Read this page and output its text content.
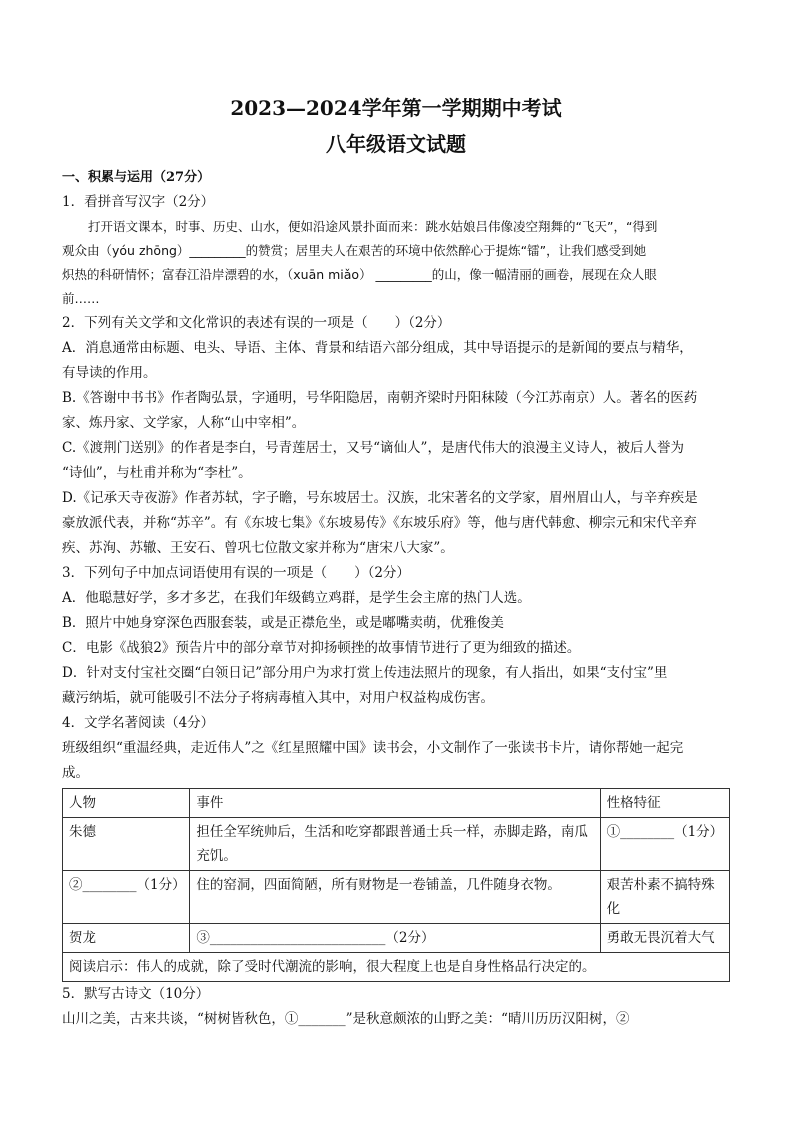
2023—2024学年第一学期期中考试
八年级语文试题
一、积累与运用（27分）
1．看拼音写汉字（2分）
打开语文课本，时事、历史、山水，便如沿途风景扑面而来：跳水姑娘吕伟像凌空翔舞的“飞天”，“得到
观众由（yóu zhōng）_________的赞赏；居里夫人在艰苦的环境中依然醉心于提炼“镭”，让我们感受到她
炽热的科研情怀；富春江沿岸漂碧的水，（xuān miǎo） _________的山，像一幅清丽的画卷，展现在众人眼
前……
2．下列有关文学和文化常识的表述有误的一项是（　　）（2分）
A．消息通常由标题、电头、导语、主体、背景和结语六部分组成，其中导语提示的是新闻的要点与精华，
有导读的作用。
B.《答谢中书书》作者陶弘景，字通明，号华阳隐居，南朝齐梁时丹阳秣陵（今江苏南京）人。著名的医药
家、炼丹家、文学家，人称“山中宰相”。
C.《渡荆门送别》的作者是李白，号青莲居士，又号“谪仙人”，是唐代伟大的浪漫主义诗人，被后人誉为
“诗仙”，与杜甫并称为“李杜”。
D.《记承天寺夜游》作者苏轼，字子瞻，号东坡居士。汉族，北宋著名的文学家，眉州眉山人，与辛弃疾是
豪放派代表，并称“苏辛”。有《东坡七集》《东坡易传》《东坡乐府》等，他与唐代韩愈、柳宗元和宋代辛弃
疾、苏洵、苏辙、王安石、曾巩七位散文家并称为“唐宋八大家”。
3．下列句子中加点词语使用有误的一项是（　　）（2分）
A．他聪慧好学，多才多艺，在我们年级鹤立鸡群，是学生会主席的热门人选。
B．照片中她身穿深色西服套装，或是正襟危坐，或是嘟嘴卖萌，优雅俊美
C．电影《战狼2》预告片中的部分章节对抑扬顿挫的故事情节进行了更为细致的描述。
D．针对支付宝社交圈“白领日记”部分用户为求打赏上传违法照片的现象，有人指出，如果“支付宝”里
藏污纳垢，就可能吸引不法分子将病毒植入其中，对用户权益构成伤害。
4．文学名著阅读（4分）
班级组织“重温经典，走近伟人”之《红星照耀中国》读书会，小文制作了一张读书卡片，请你帮她一起完
成。
人物	事件	性格特征
朱德	担任全军统帅后，生活和吃穿都跟普通士兵一样，赤脚走路，南瓜充饥。	①________（1分）
②________（1分）	住的窑洞，四面简陋，所有财物是一卷铺盖，几件随身衣物。	艰苦朴素不搞特殊化
贺龙	③__________________________（2分）	勇敢无畏沉着大气
阅读启示：伟人的成就，除了受时代潮流的影响，很大程度上也是自身性格品行决定的。		
5．默写古诗文（10分）
山川之美，古来共谈，“树树皆秋色，①_______”是秋意颇浓的山野之美：“晴川历历汉阳树，②
